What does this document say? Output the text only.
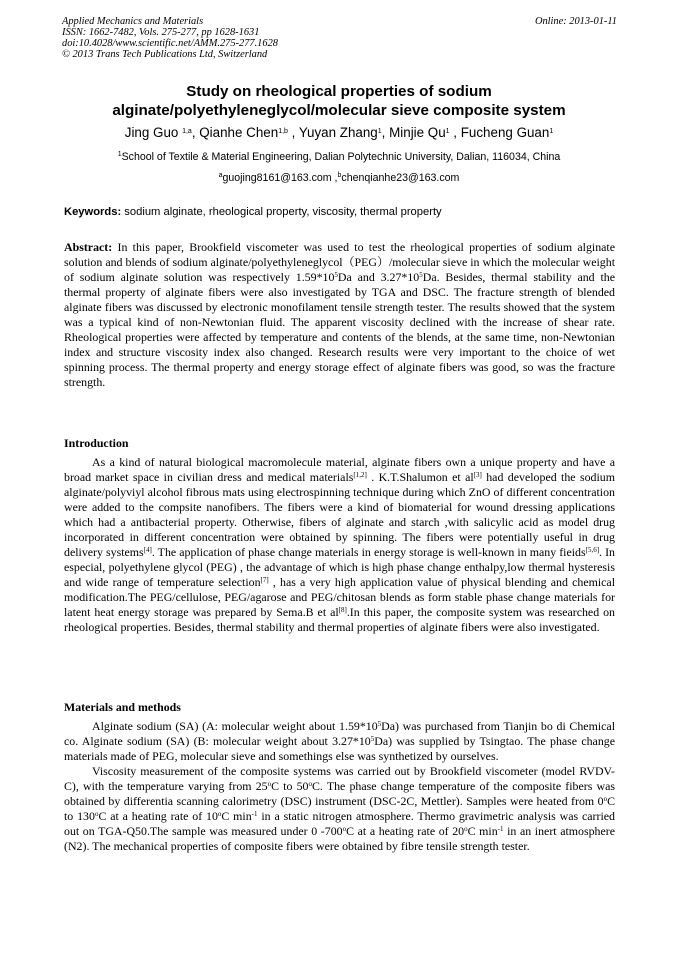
Applied Mechanics and Materials
ISSN: 1662-7482, Vols. 275-277, pp 1628-1631
doi:10.4028/www.scientific.net/AMM.275-277.1628
© 2013 Trans Tech Publications Ltd, Switzerland
Online: 2013-01-11
Study on rheological properties of sodium
alginate/polyethyleneglycol/molecular sieve composite system
Jing Guo $^{1,a}$, Qianhe Chen$^{1,b}$ , Yuyan Zhang$^1$, Minjie Qu$^1$ , Fucheng Guan$^1$
$^1$School of Textile & Material Engineering, Dalian Polytechnic University, Dalian, 116034, China
$^a$guojing8161@163.com ,$^b$chenqianhe23@163.com
Keywords: sodium alginate, rheological property, viscosity, thermal property

Abstract: In this paper, Brookfield viscometer was used to test the rheological properties of sodium alginate solution and blends of sodium alginate/polyethyleneglycol（PEG）/molecular sieve in which the molecular weight of sodium alginate solution was respectively $1.59*10^5Da$ and $3.27*10^5Da$. Besides, thermal stability and the thermal property of alginate fibers were also investigated by TGA and DSC. The fracture strength of blended alginate fibers was discussed by electronic monofilament tensile strength tester. The results showed that the system was a typical kind of non-Newtonian fluid. The apparent viscosity declined with the increase of shear rate. Rheological properties were affected by temperature and contents of the blends, at the same time, non-Newtonian index and structure viscosity index also changed. Research results were very important to the choice of wet spinning process. The thermal property and energy storage effect of alginate fibers was good, so was the fracture strength.

Introduction

As a kind of natural biological macromolecule material, alginate fibers own a unique property and have a broad market space in civilian dress and medical materials[1,2] . K.T.Shalumon et al[3] had developed the sodium alginate/polyviyl alcohol fibrous mats using electrospinning technique during which ZnO of different concentration were added to the compsite nanofibers. The fibers were a kind of biomaterial for wound dressing applications which had a antibacterial property. Otherwise, fibers of alginate and starch ,with salicylic acid as model drug incorporated in different concentration were obtained by spinning. The fibers were potentially useful in drug delivery systems[4]. The application of phase change materials in energy storage is well-known in many fieids[5,6]. In especial, polyethylene glycol (PEG) , the advantage of which is high phase change enthalpy,low thermal hysteresis and wide range of temperature selection[7] , has a very high application value of physical blending and chemical modification.The PEG/cellulose, PEG/agarose and PEG/chitosan blends as form stable phase change materials for latent heat energy storage was prepared by Sema.B et al[8].In this paper, the composite system was researched on rheological properties. Besides, thermal stability and thermal properties of alginate fibers were also investigated.

Materials and methods

Alginate sodium (SA) (A: molecular weight about $1.59*10^5Da$) was purchased from Tianjin bo di Chemical co. Alginate sodium (SA) (B: molecular weight about $3.27*10^5Da$) was supplied by Tsingtao. The phase change materials made of PEG, molecular sieve and somethings else was synthetized by ourselves.

Viscosity measurement of the composite systems was carried out by Brookfield viscometer (model RVDV-C), with the temperature varying from 25$^o$C to 50$^o$C. The phase change temperature of the composite fibers was obtained by differentia scanning calorimetry (DSC) instrument (DSC-2C, Mettler). Samples were heated from 0$^o$C to 130$^o$C at a heating rate of 10$^o$C $\min^{-1}$ in a static nitrogen atmosphere. Thermo gravimetric analysis was carried out on TGA-Q50.The sample was measured under 0 -700$^o$C at a heating rate of 20$^o$C $\min^{-1}$ in an inert atmosphere (N2). The mechanical properties of composite fibers were obtained by fibre tensile strength tester.
